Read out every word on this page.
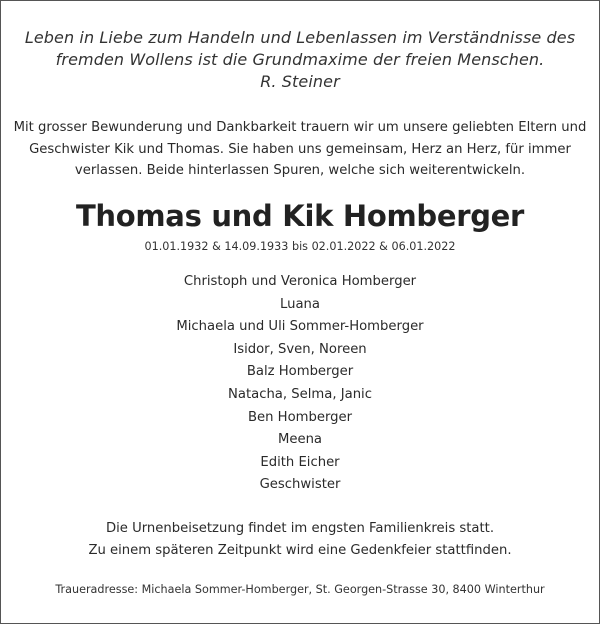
Leben in Liebe zum Handeln und Lebenlassen im Verständnisse des
fremden Wollens ist die Grundmaxime der freien Menschen.
R. Steiner
Mit grosser Bewunderung und Dankbarkeit trauern wir um unsere geliebten Eltern und
Geschwister Kik und Thomas. Sie haben uns gemeinsam, Herz an Herz, für immer
verlassen. Beide hinterlassen Spuren, welche sich weiterentwickeln.
Thomas und Kik Homberger
01.01.1932 & 14.09.1933 bis 02.01.2022 & 06.01.2022
Christoph und Veronica Homberger
Luana
Michaela und Uli Sommer-Homberger
Isidor, Sven, Noreen
Balz Homberger
Natacha, Selma, Janic
Ben Homberger
Meena
Edith Eicher
Geschwister
Die Urnenbeisetzung findet im engsten Familienkreis statt.
Zu einem späteren Zeitpunkt wird eine Gedenkfeier stattfinden.
Traueradresse: Michaela Sommer-Homberger, St. Georgen-Strasse 30, 8400 Winterthur
